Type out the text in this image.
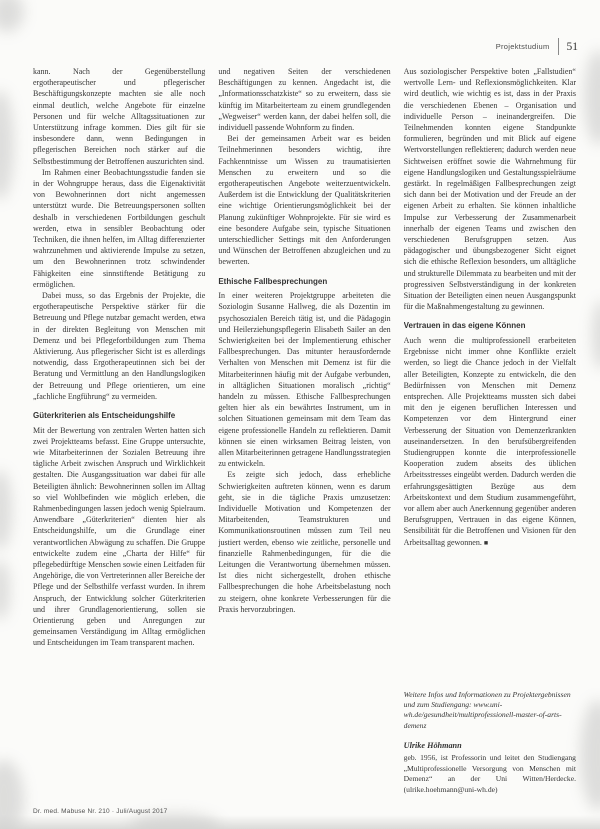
Projektstudium 51

kann. Nach der Gegenüberstellung ergotherapeutischer und pflegerischer Beschäftigungskonzepte machten sie alle noch einmal deutlich, welche Angebote für einzelne Personen und für welche Alltagssituationen zur Unterstützung infrage kommen. Dies gilt für sie insbesondere dann, wenn Bedingungen in pflegerischen Bereichen noch stärker auf die Selbstbestimmung der Betroffenen auszurichten sind.

Im Rahmen einer Beobachtungsstudie fanden sie in der Wohngruppe heraus, dass die Eigenaktivität von Bewohnerinnen dort nicht angemessen unterstützt wurde. Die Betreuungspersonen sollten deshalb in verschiedenen Fortbildungen geschult werden, etwa in sensibler Beobachtung oder Techniken, die ihnen helfen, im Alltag differenzierter wahrzunehmen und aktivierende Impulse zu setzen, um den Bewohnerinnen trotz schwindender Fähigkeiten eine sinnstiftende Betätigung zu ermöglichen.

Dabei muss, so das Ergebnis der Projekte, die ergotherapeutische Perspektive stärker für die Betreuung und Pflege nutzbar gemacht werden, etwa in der direkten Begleitung von Menschen mit Demenz und bei Pflegefortbildungen zum Thema Aktivierung. Aus pflegerischer Sicht ist es allerdings notwendig, dass Ergotherapeutinnen sich bei der Beratung und Vermittlung an den Handlungslogiken der Betreuung und Pflege orientieren, um eine „fachliche Engführung“ zu vermeiden.

Güterkriterien als Entscheidungshilfe

Mit der Bewertung von zentralen Werten hatten sich zwei Projektteams befasst. Eine Gruppe untersuchte, wie Mitarbeiterinnen der Sozialen Betreuung ihre tägliche Arbeit zwischen Anspruch und Wirklichkeit gestalten. Die Ausgangssituation war dabei für alle Beteiligten ähnlich: Bewohnerinnen sollen im Alltag so viel Wohlbefinden wie möglich erleben, die Rahmenbedingungen lassen jedoch wenig Spielraum. Anwendbare „Güterkriterien“ dienten hier als Entscheidungshilfe, um die Grundlage einer verantwortlichen Abwägung zu schaffen. Die Gruppe entwickelte zudem eine „Charta der Hilfe“ für pflegebedürftige Menschen sowie einen Leitfaden für Angehörige, die von Vertreterinnen aller Bereiche der Pflege und der Selbsthilfe verfasst wurden. In ihrem Anspruch, der Entwicklung solcher Güterkriterien und ihrer Grundlagenorientierung, sollen sie Orientierung geben und Anregungen zur gemeinsamen Verständigung im Alltag ermöglichen und Entscheidungen im Team transparent machen.

und negativen Seiten der verschiedenen Beschäftigungen zu kennen. Angedacht ist, die „Informationsschatzkiste“ so zu erweitern, dass sie künftig im Mitarbeiterteam zu einem grundlegenden „Wegweiser“ werden kann, der dabei helfen soll, die individuell passende Wohnform zu finden.

Bei der gemeinsamen Arbeit war es beiden Teilnehmerinnen besonders wichtig, ihre Fachkenntnisse um Wissen zu traumatisierten Menschen zu erweitern und so die ergotherapeutischen Angebote weiterzuentwickeln. Außerdem ist die Entwicklung der Qualitätskriterien eine wichtige Orientierungsmöglichkeit bei der Planung zukünftiger Wohnprojekte. Für sie wird es eine besondere Aufgabe sein, typische Situationen unterschiedlicher Settings mit den Anforderungen und Wünschen der Betroffenen abzugleichen und zu bewerten.

Ethische Fallbesprechungen

In einer weiteren Projektgruppe arbeiteten die Soziologin Susanne Hallweg, die als Dozentin im psychosozialen Bereich tätig ist, und die Pädagogin und Heilerziehungspflegerin Elisabeth Sailer an den Schwierigkeiten bei der Implementierung ethischer Fallbesprechungen. Das mitunter herausfordernde Verhalten von Menschen mit Demenz ist für die Mitarbeiterinnen häufig mit der Aufgabe verbunden, in alltäglichen Situationen moralisch „richtig“ handeln zu müssen. Ethische Fallbesprechungen gelten hier als ein bewährtes Instrument, um in solchen Situationen gemeinsam mit dem Team das eigene professionelle Handeln zu reflektieren. Damit können sie einen wirksamen Beitrag leisten, von allen Mitarbeiterinnen getragene Handlungsstrategien zu entwickeln.

Es zeigte sich jedoch, dass erhebliche Schwierigkeiten auftreten können, wenn es darum geht, sie in die tägliche Praxis umzusetzen: Individuelle Motivation und Kompetenzen der Mitarbeitenden, Teamstrukturen und Kommunikationsroutinen müssen zum Teil neu justiert werden, ebenso wie zeitliche, personelle und finanzielle Rahmenbedingungen, für die die Leitungen die Verantwortung übernehmen müssen. Ist dies nicht sichergestellt, drohen ethische Fallbesprechungen die hohe Arbeitsbelastung noch zu steigern, ohne konkrete Verbesserungen für die Praxis hervorzubringen.

Aus soziologischer Perspektive boten „Fallstudien“ wertvolle Lern- und Reflexionsmöglichkeiten. Klar wird deutlich, wie wichtig es ist, dass in der Praxis die verschiedenen Ebenen – Organisation und individuelle Person – ineinandergreifen. Die Teilnehmenden konnten eigene Standpunkte formulieren, begründen und mit Blick auf eigene Wertvorstellungen reflektieren; dadurch werden neue Sichtweisen eröffnet sowie die Wahrnehmung für eigene Handlungslogiken und Gestaltungsspielräume gestärkt. In regelmäßigen Fallbesprechungen zeigt sich dann bei der Motivation und der Freude an der eigenen Arbeit zu erhalten. Sie können inhaltliche Impulse zur Verbesserung der Zusammenarbeit innerhalb der eigenen Teams und zwischen den verschiedenen Berufsgruppen setzen. Aus pädagogischer und übungsbezogener Sicht eignet sich die ethische Reflexion besonders, um alltägliche und strukturelle Dilemmata zu bearbeiten und mit der progressiven Selbstverständigung in der konkreten Situation der Beteiligten einen neuen Ausgangspunkt für die Maßnahmengestaltung zu gewinnen.

Vertrauen in das eigene Können

Auch wenn die multiprofessionell erarbeiteten Ergebnisse nicht immer ohne Konflikte erzielt werden, so liegt die Chance jedoch in der Vielfalt aller Beteiligten, Konzepte zu entwickeln, die den Bedürfnissen von Menschen mit Demenz entsprechen. Alle Projektteams mussten sich dabei mit den je eigenen beruflichen Interessen und Kompetenzen vor dem Hintergrund einer Verbesserung der Situation von Demenzerkrankten auseinandersetzen. In den berufsübergreifenden Studiengruppen konnte die interprofessionelle Kooperation zudem abseits des üblichen Arbeitsstresses eingeübt werden. Dadurch werden die erfahrungsgesättigten Bezüge aus dem Arbeitskontext und dem Studium zusammengeführt, vor allem aber auch Anerkennung gegenüber anderen Berufsgruppen, Vertrauen in das eigene Können, Sensibilität für die Betroffenen und Visionen für den Arbeitsalltag gewonnen. ■

Weitere Infos und Informationen zu Projektergebnissen und zum Studiengang: www.uni-wh.de/gesundheit/multiprofessionell-master-of-arts-demenz
Ulrike Höhmann
geb. 1956, ist Professorin und leitet den Studiengang „Multiprofessionelle Versorgung von Menschen mit Demenz“ an der Uni Witten/Herdecke. (ulrike.hoehmann@uni-wh.de)
Dr. med. Mabuse Nr. 210 · Juli/August 2017
